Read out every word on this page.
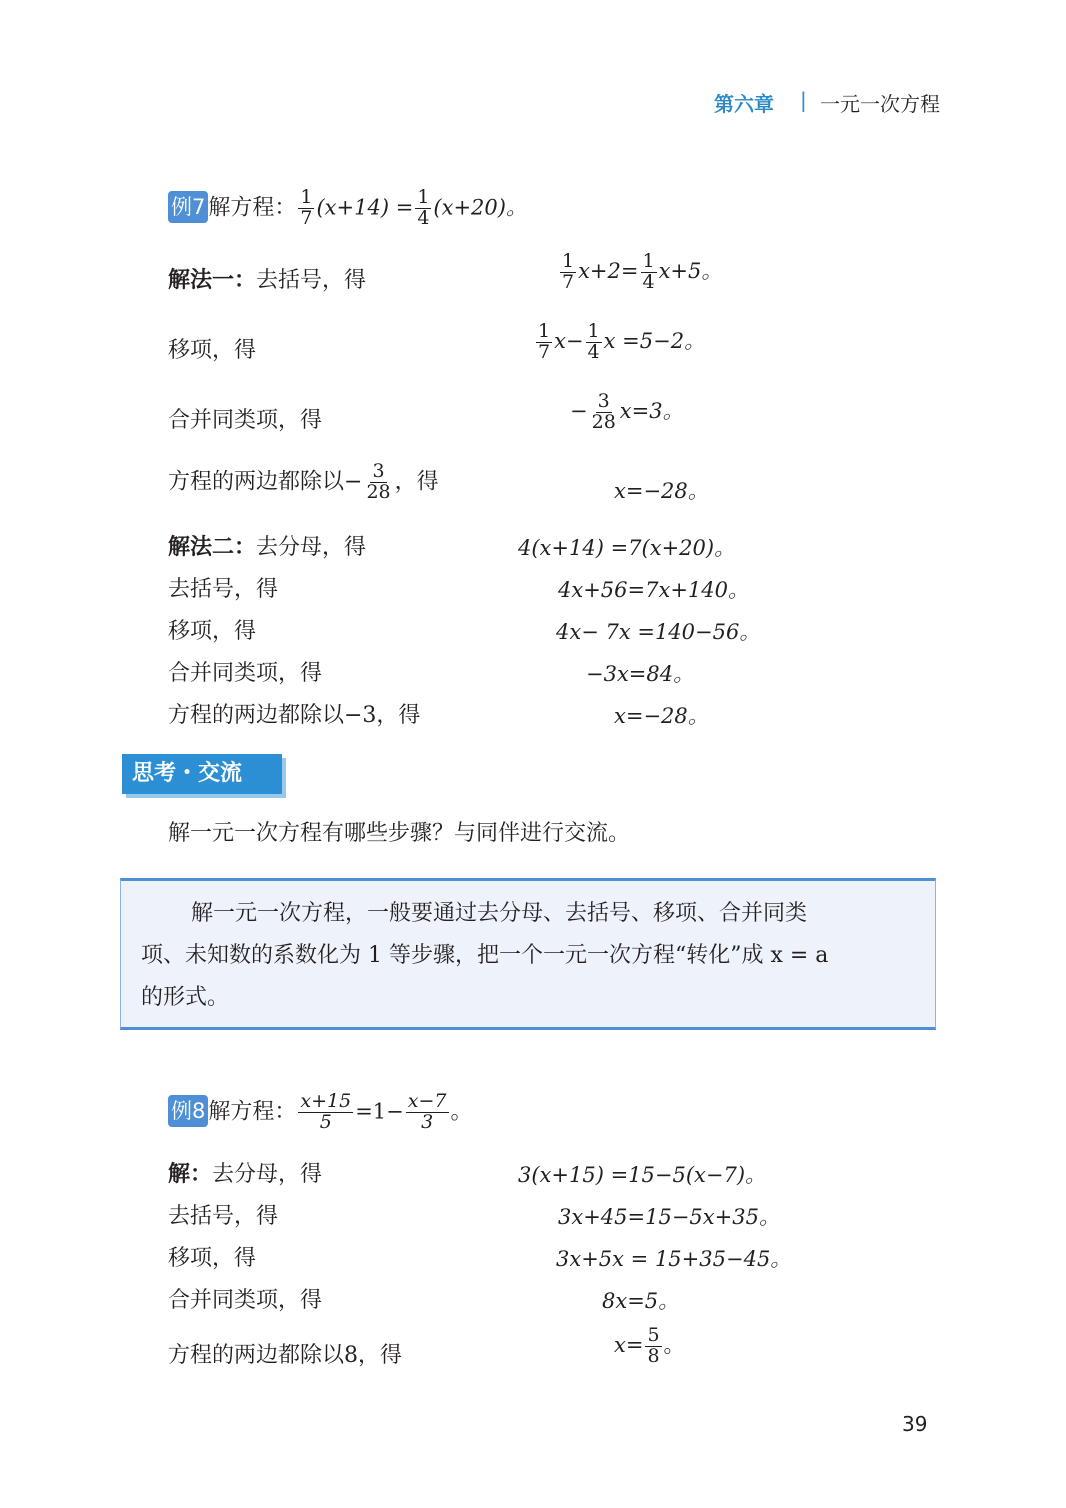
第六章 | 一元一次方程
例7 解方程： $\frac{1}{7} (x+14) = \frac{1}{4} (x+20)$。
解法一：去括号，得	$\frac{1}{7} x+2= \frac{1}{4} x+5$。
移项，得	$\frac{1}{7} x- \frac{1}{4}$ x =5−2。
合并同类项，得	− $\frac{3}{28} x=3$。
方程的两边都除以− $\frac{3}{28}$ ，得	x=−28。
解法二：去分母，得	4(x+14) =7(x+20)。
去括号，得	4x+56=7x+140。
移项，得	4x− 7x =140−56。
合并同类项，得	−3x=84。
方程的两边都除以−3，得	x=−28。
思考・交流
解一元一次方程有哪些步骤？与同伴进行交流。

解一元一次方程，一般要通过去分母、去括号、移项、合并同类

项、未知数的系数化为 1 等步骤，把一个一元一次方程“转化”成 x = a

的形式。

例8 解方程： $\frac{x+15}{5} =1- \frac{x-7}{3}$ 。
解：去分母，得	3(x+15) =15−5(x−7)。
去括号，得	3x+45=15−5x+35。
移项，得	3x+5x = 15+35−45。
合并同类项，得	8x=5。
方程的两边都除以8，得	$x= \frac{5}{8}$ 。
39
